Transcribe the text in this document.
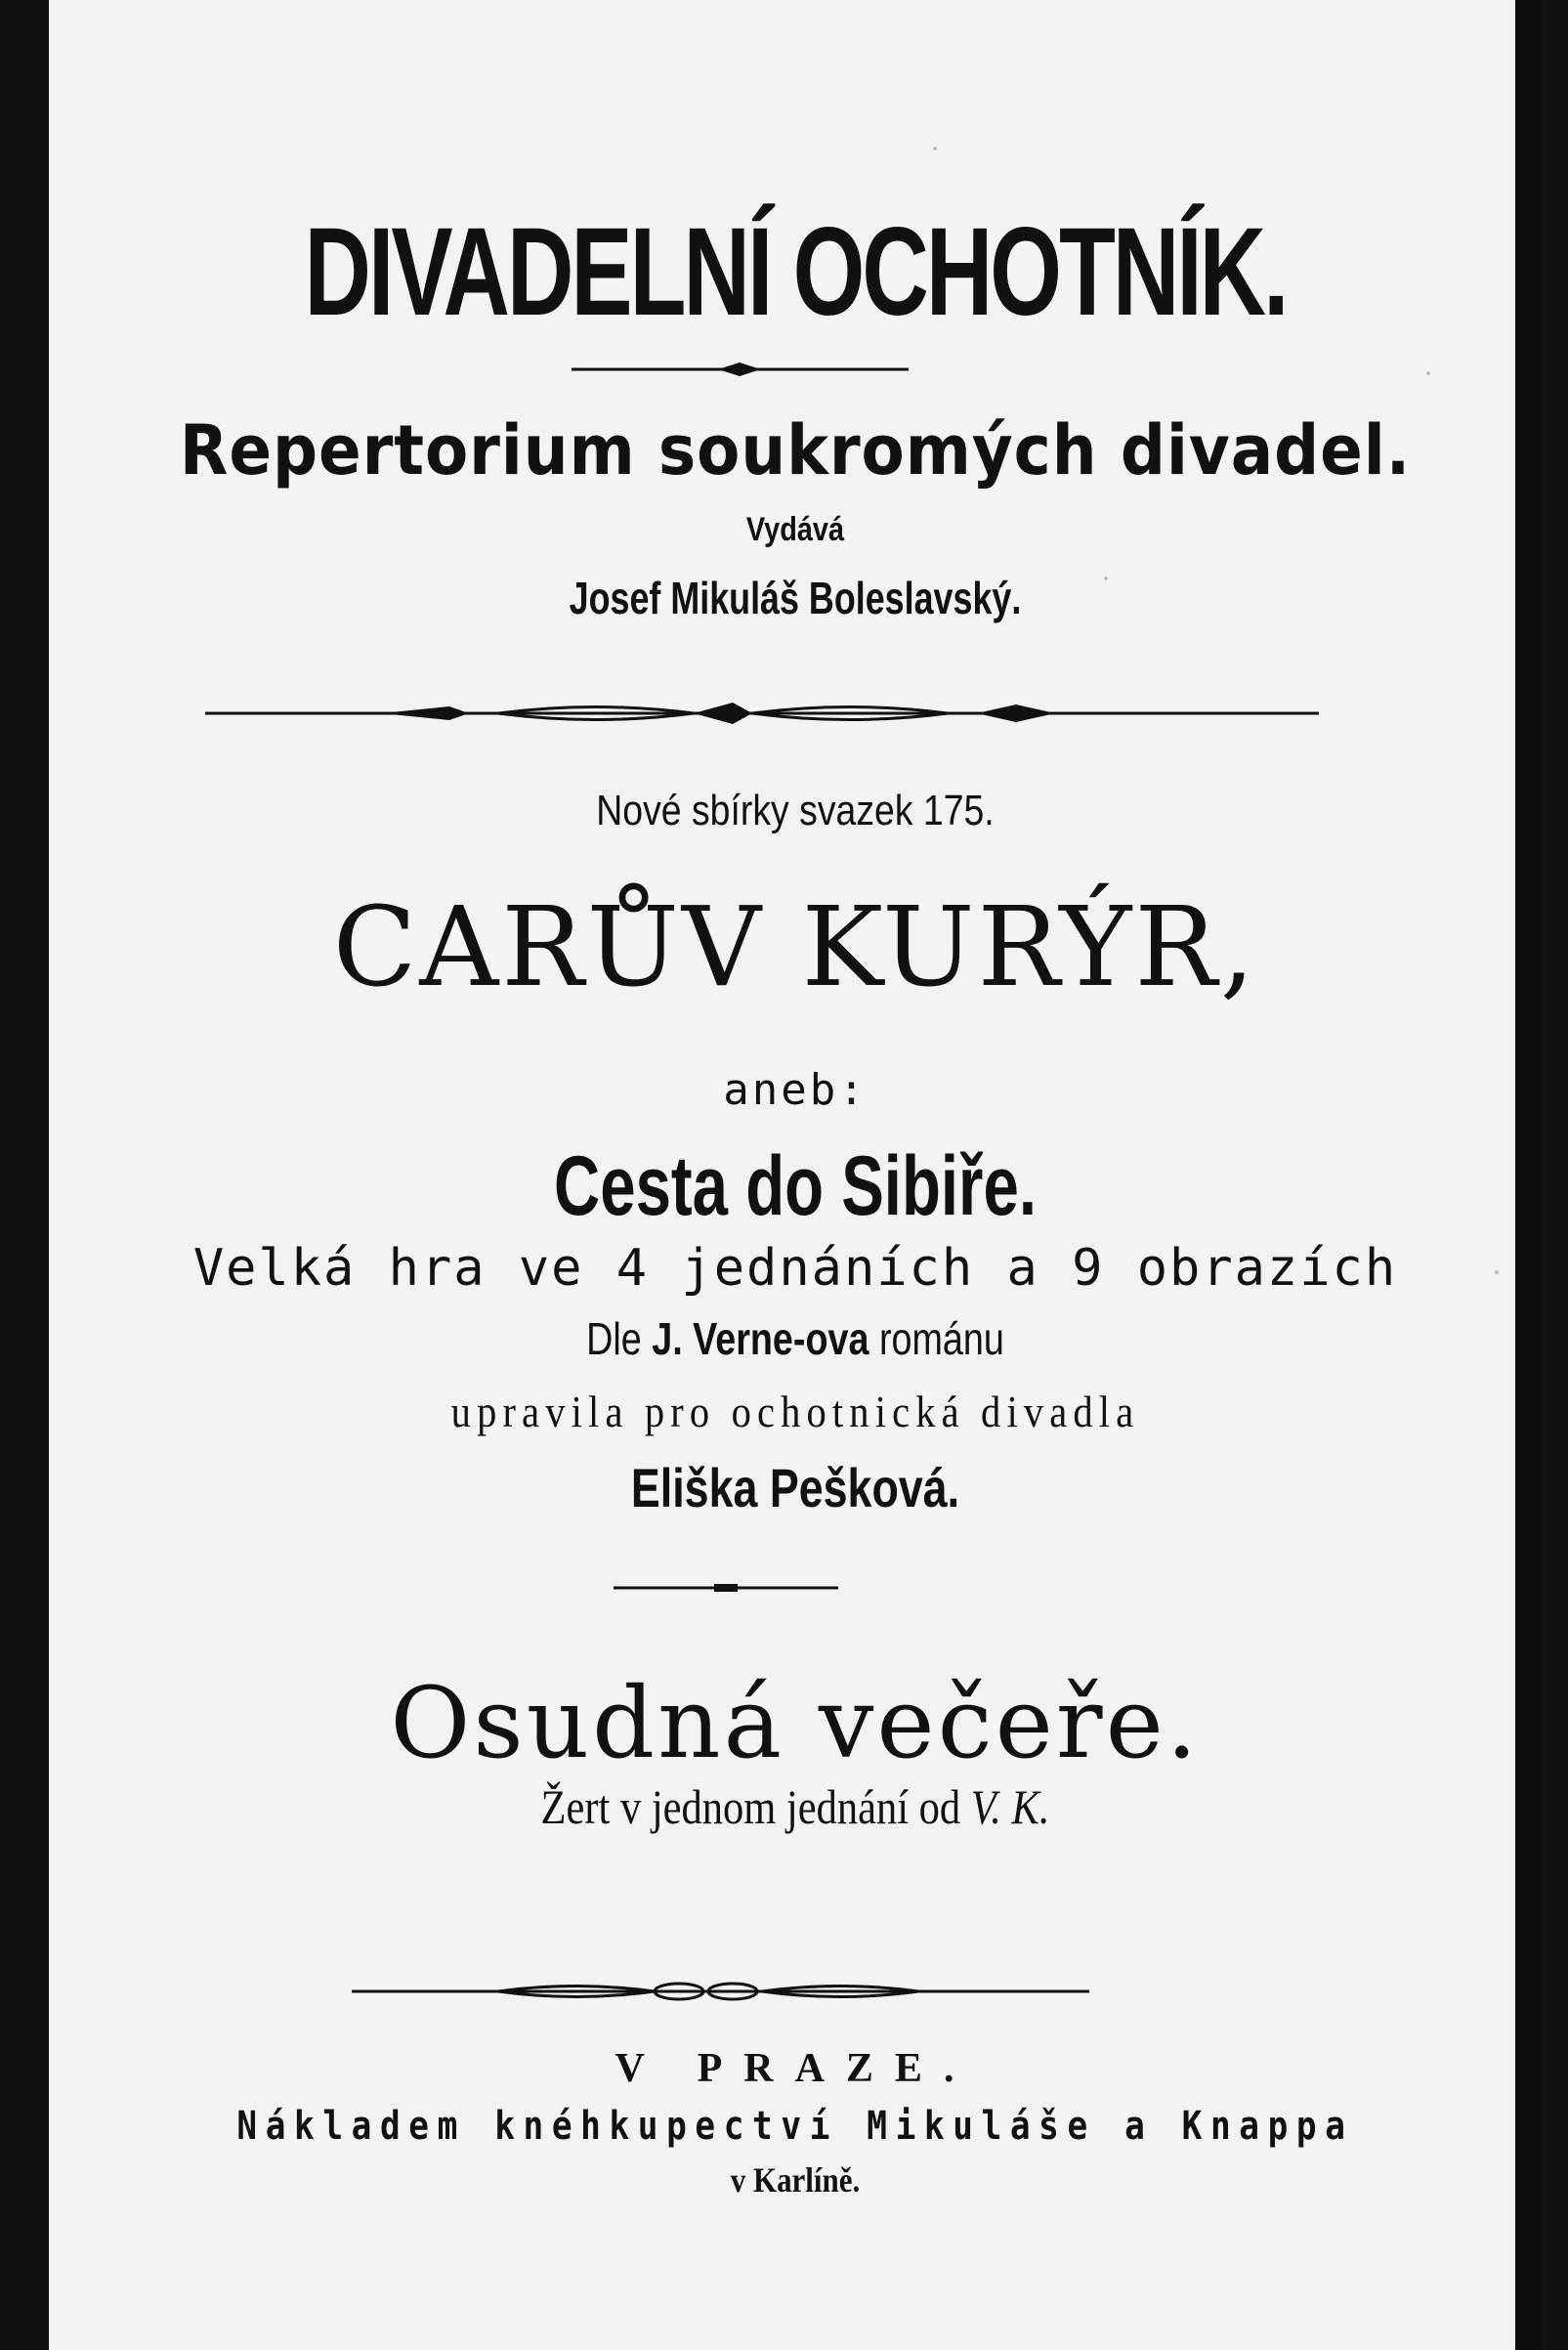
DIVADELNÍ OCHOTNÍK.
Repertorium soukromých divadel.
Vydává
Josef Mikuláš Boleslavský.
Nové sbírky svazek 175.
CARŮV KURÝR,
aneb:
Cesta do Sibiře.
Velká hra ve 4 jednáních a 9 obrazích
Dle J. Verne-ova románu
upravila pro ochotnická divadla
Eliška Pešková.
Osudná večeře.
Žert v jednom jednání od V. K.
V PRAZE.
Nákladem knéhkupectví Mikuláše a Knappa
v Karlíně.
